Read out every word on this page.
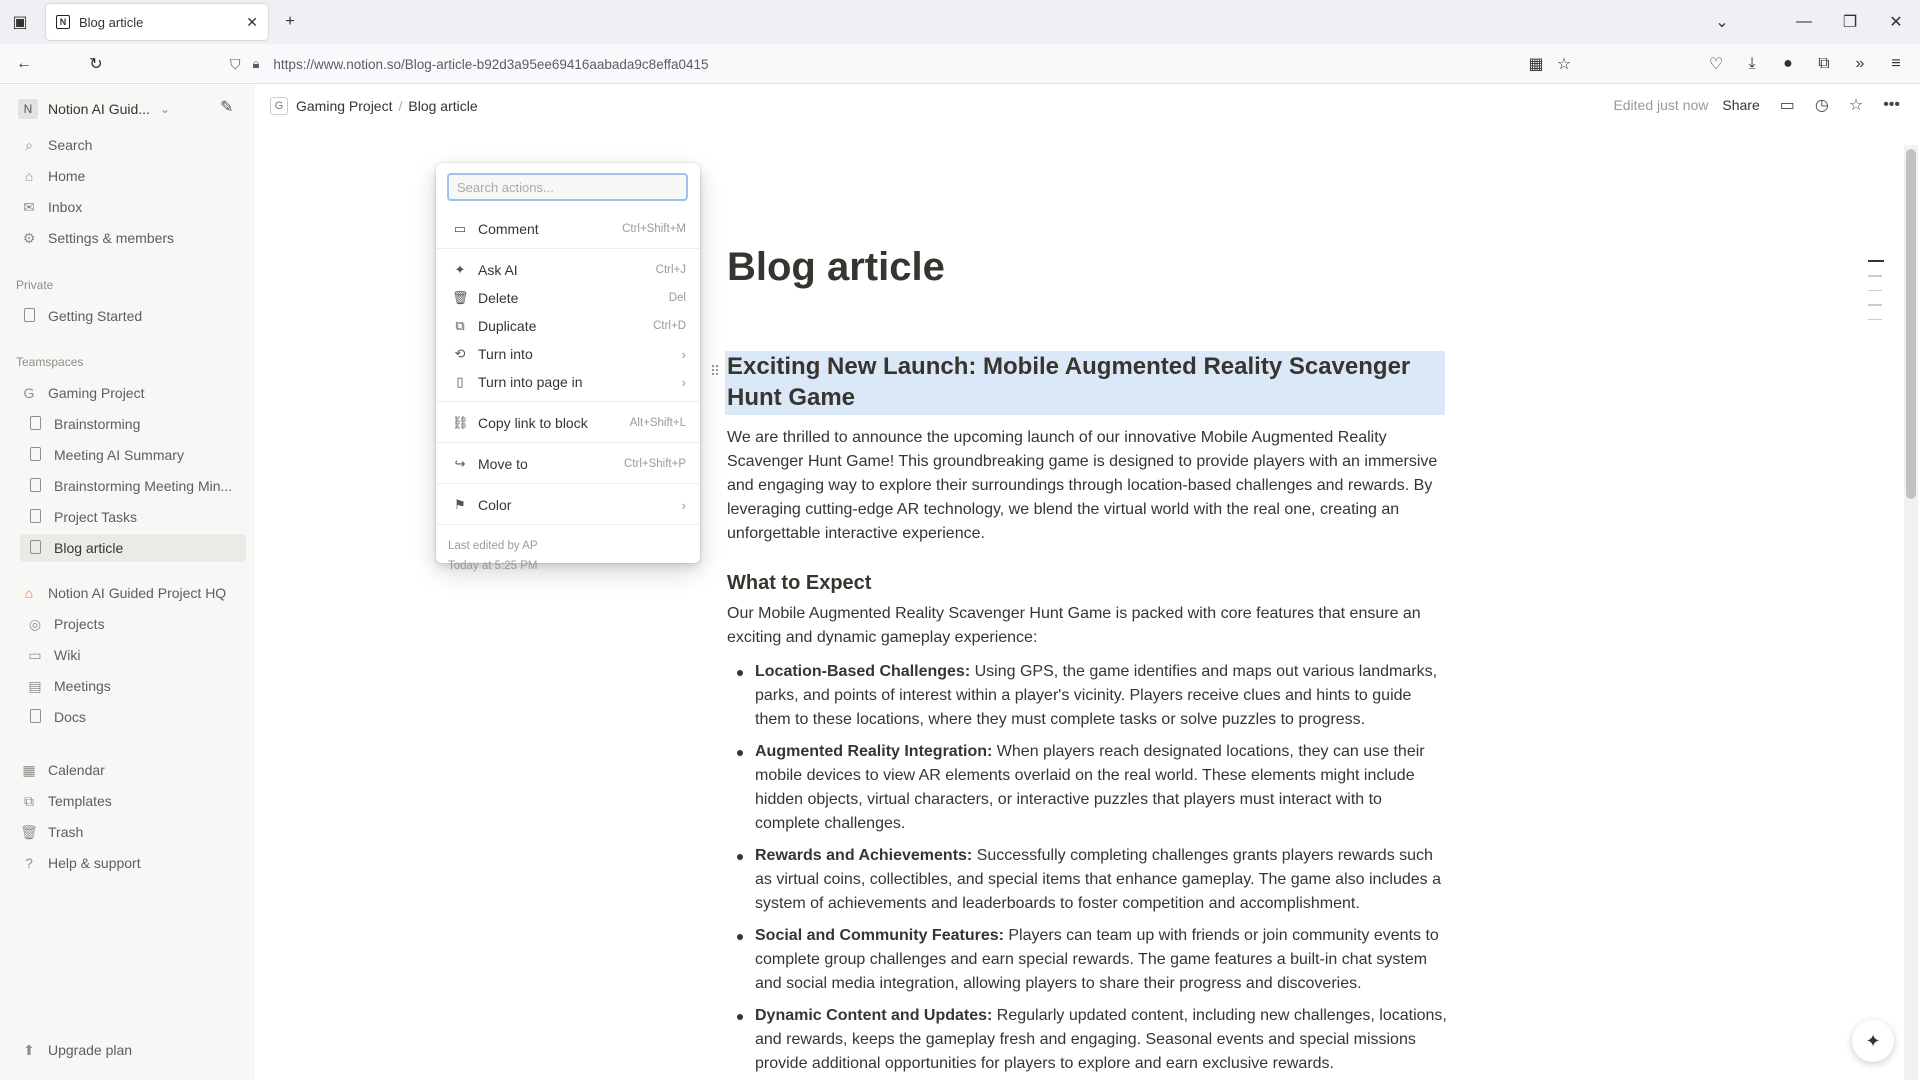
▣	N Blog article	✕	+	⌄	—	❐	✕
←	↻	⛉ 🔒︎ https://www.notion.so/Blog-article-b92d3a95ee69416aabada9c8effa0415	▦ ☆	♡	⤓	●	⧉	»	≡
N	Notion AI Guid... ⌄	✎
⌕	Search
⌂	Home
✉ Inbox
⚙ Settings & members
Private
Getting Started
Teamspaces
G Gaming Project
Brainstorming
Meeting AI Summary
Brainstorming Meeting Min...
Project Tasks
Blog article
⌂	Notion AI Guided Project HQ
◎ Projects
▭ Wiki
▤ Meetings
Docs
▦ Calendar
⧉ Templates
🗑︎ Trash
?	Help & support
⬆ Upgrade plan
G Gaming Project / Blog article	Edited just now Share ▭ ◷ ☆ •••
Blog article
Exciting New Launch: Mobile Augmented Reality Scavenger Hunt Game
We are thrilled to announce the upcoming launch of our innovative Mobile Augmented Reality Scavenger Hunt Game! This groundbreaking game is designed to provide players with an immersive and engaging way to explore their surroundings through location-based challenges and rewards. By leveraging cutting-edge AR technology, we blend the virtual world with the real one, creating an unforgettable interactive experience.
What to Expect
Our Mobile Augmented Reality Scavenger Hunt Game is packed with core features that ensure an exciting and dynamic gameplay experience:
Location-Based Challenges: Using GPS, the game identifies and maps out various landmarks, parks, and points of interest within a player's vicinity. Players receive clues and hints to guide them to these locations, where they must complete tasks or solve puzzles to progress.
Augmented Reality Integration: When players reach designated locations, they can use their mobile devices to view AR elements overlaid on the real world. These elements might include hidden objects, virtual characters, or interactive puzzles that players must interact with to complete challenges.
Rewards and Achievements: Successfully completing challenges grants players rewards such as virtual coins, collectibles, and special items that enhance gameplay. The game also includes a system of achievements and leaderboards to foster competition and accomplishment.
Social and Community Features: Players can team up with friends or join community events to complete group challenges and earn special rewards. The game features a built-in chat system and social media integration, allowing players to share their progress and discoveries.
Dynamic Content and Updates: Regularly updated content, including new challenges, locations, and rewards, keeps the gameplay fresh and engaging. Seasonal events and special missions provide additional opportunities for players to explore and earn exclusive rewards.
⠿
Search actions...
▭ Comment	Ctrl+Shift+M
✦ Ask AI	Ctrl+J
🗑︎ Delete	Del
⧉ Duplicate	Ctrl+D
⟲ Turn into	›
▯	Turn into page in	›
⛓ Copy link to block	Alt+Shift+L
↪ Move to	Ctrl+Shift+P
⚑ Color	›
Last edited by AP
Today at 5:25 PM
✦
